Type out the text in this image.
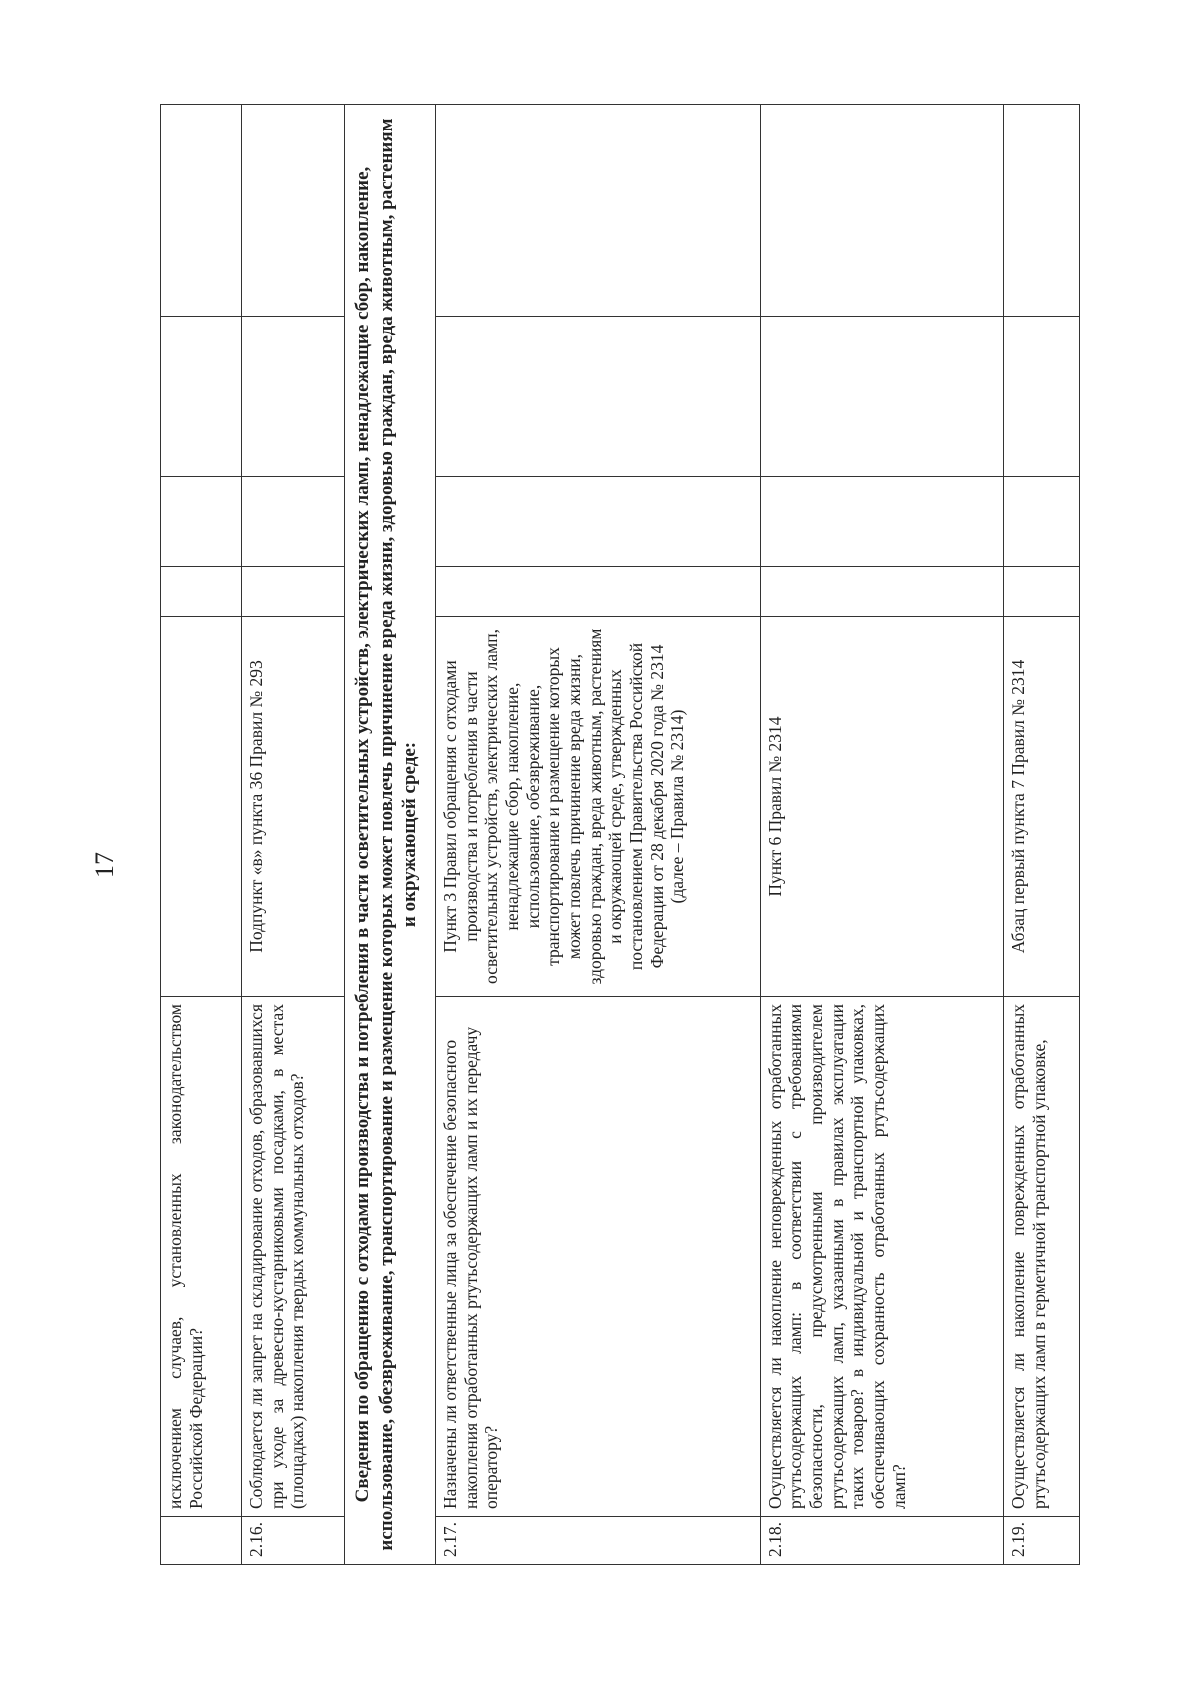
17
	исключением случаев, установленных законодательством Российской Федерации?					
2.16.	Соблюдается ли запрет на складирование отходов, образовавшихся при уходе за древесно-кустарниковыми посадками, в местах (площадках) накопления твердых коммунальных отходов?	Подпункт «в» пункта 36 Правил № 293				
Сведения по обращению с отходами производства и потребления в части осветительных устройств, электрических ламп, ненадлежащие сбор, накопление, использование, обезвреживание, транспортирование и размещение которых может повлечь причинение вреда жизни, здоровью граждан, вреда животным, растениям и окружающей среде:						
2.17.	Назначены ли ответственные лица за обеспечение безопасного накопления отработанных ртутьсодержащих ламп и их передачу оператору?	Пункт 3 Правил обращения с отходами производства и потребления в части осветительных устройств, электрических ламп, ненадлежащие сбор, накопление, использование, обезвреживание, транспортирование и размещение которых может повлечь причинение вреда жизни, здоровью граждан, вреда животным, растениям и окружающей среде, утвержденных постановлением Правительства Российской Федерации от 28 декабря 2020 года № 2314 (далее – Правила № 2314)				
2.18.	Осуществляется ли накопление неповрежденных отработанных ртутьсодержащих ламп: в соответствии с требованиями безопасности, предусмотренными производителем ртутьсодержащих ламп, указанными в правилах эксплуатации таких товаров? в индивидуальной и транспортной упаковках, обеспечивающих сохранность отработанных ртутьсодержащих ламп?	Пункт 6 Правил № 2314				
2.19.	Осуществляется ли накопление поврежденных отработанных ртутьсодержащих ламп в герметичной транспортной упаковке,	Абзац первый пункта 7 Правил № 2314				
